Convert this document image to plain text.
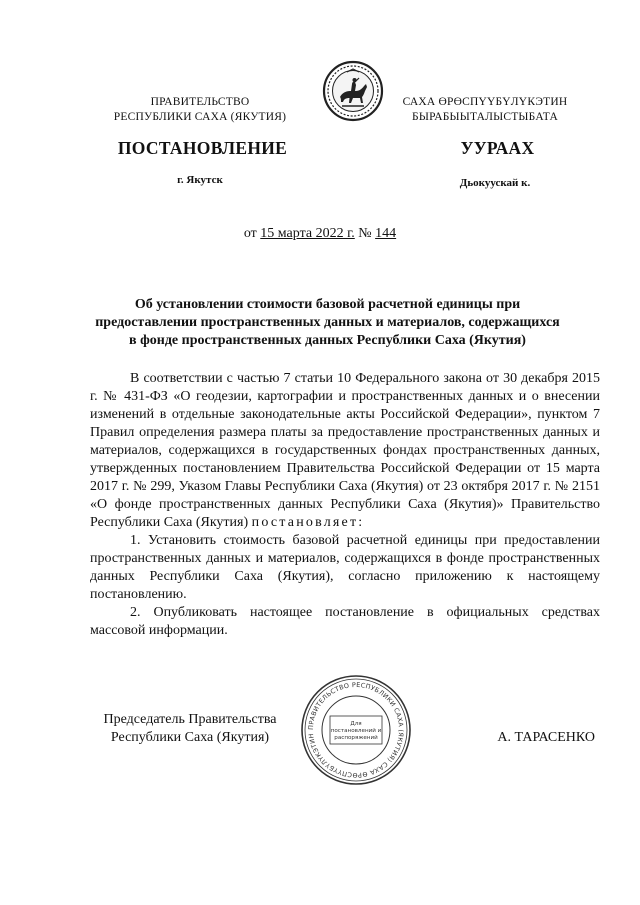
ПРАВИТЕЛЬСТВО
РЕСПУБЛИКИ САХА (ЯКУТИЯ)
САХА ӨРӨСПҮҮБҮЛҮКЭТИН
БЫРАБЫЫТАЛЫСТЫБАТА
ПОСТАНОВЛЕНИЕ	УУРААХ
г. Якутск	Дьокуускай к.
от 15 марта 2022 г. № 144
Об установлении стоимости базовой расчетной единицы при
предоставлении пространственных данных и материалов, содержащихся
в фонде пространственных данных Республики Саха (Якутия)

В соответствии с частью 7 статьи 10 Федерального закона от 30 декабря 2015 г. № 431-ФЗ «О геодезии, картографии и пространственных данных и о внесении изменений в отдельные законодательные акты Российской Федерации», пунктом 7 Правил определения размера платы за предоставление пространственных данных и материалов, содержащихся в государственных фондах пространственных данных, утвержденных постановлением Правительства Российской Федерации от 15 марта 2017 г. № 299, Указом Главы Республики Саха (Якутия) от 23 октября 2017 г. № 2151 «О фонде пространственных данных Республики Саха (Якутия)» Правительство Республики Саха (Якутия) постановляет:

1. Установить стоимость базовой расчетной единицы при предоставлении пространственных данных и материалов, содержащихся в фонде пространственных данных Республики Саха (Якутия), согласно приложению к настоящему постановлению.

2. Опубликовать настоящее постановление в официальных средствах массовой информации.

Председатель Правительства
Республики Саха (Якутия)
ПРАВИТЕЛЬСТВО РЕСПУБЛИКИ САХА (ЯКУТИЯ) САХА ӨРӨСПҮҮБҮЛҮКЭТИН
Для постановлений и распоряжений	А. ТАРАСЕНКО
